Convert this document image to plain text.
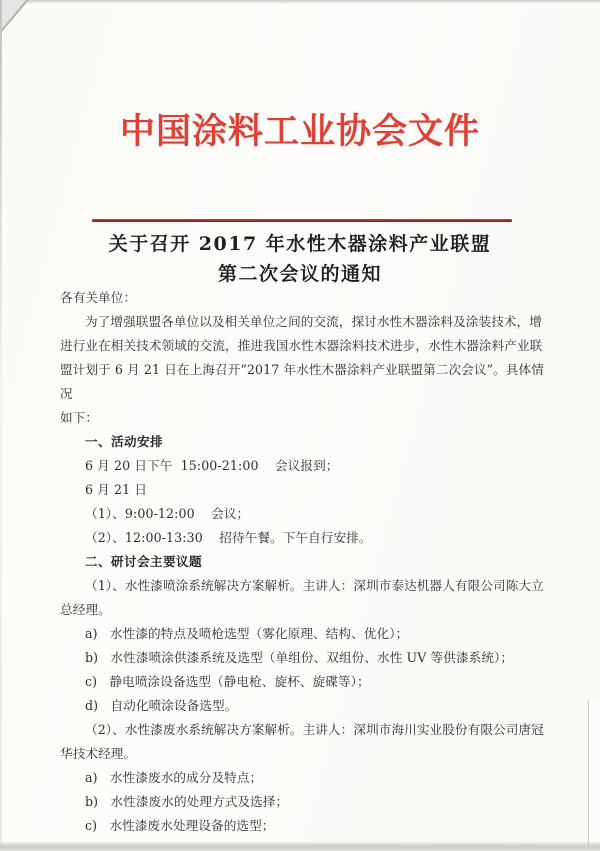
中国涂料工业协会文件
关于召开 2017 年水性木器涂料产业联盟
第二次会议的通知
各有关单位：
为了增强联盟各单位以及相关单位之间的交流，探讨水性木器涂料及涂装技术，增
进行业在相关技术领域的交流，推进我国水性木器涂料技术进步，水性木器涂料产业联
盟计划于 6 月 21 日在上海召开“2017 年水性木器涂料产业联盟第二次会议”。具体情况
如下：
一、活动安排
6 月 20 日下午  15:00-21:00    会议报到；
6 月 21 日
（1）、9:00-12:00    会议；
（2）、12:00-13:30    招待午餐。下午自行安排。
二、研讨会主要议题
（1）、水性漆喷涂系统解决方案解析。主讲人：深圳市泰达机器人有限公司陈大立
总经理。
a)   水性漆的特点及喷枪选型（雾化原理、结构、优化）；
b)   水性漆喷涂供漆系统及选型（单组份、双组份、水性 UV 等供漆系统）；
c)   静电喷涂设备选型（静电枪、旋杯、旋碟等）；
d)   自动化喷涂设备选型。
（2）、水性漆废水系统解决方案解析。主讲人：深圳市海川实业股份有限公司唐冠
华技术经理。
a)   水性漆废水的成分及特点；
b)   水性漆废水的处理方式及选择；
c)   水性漆废水处理设备的选型；
